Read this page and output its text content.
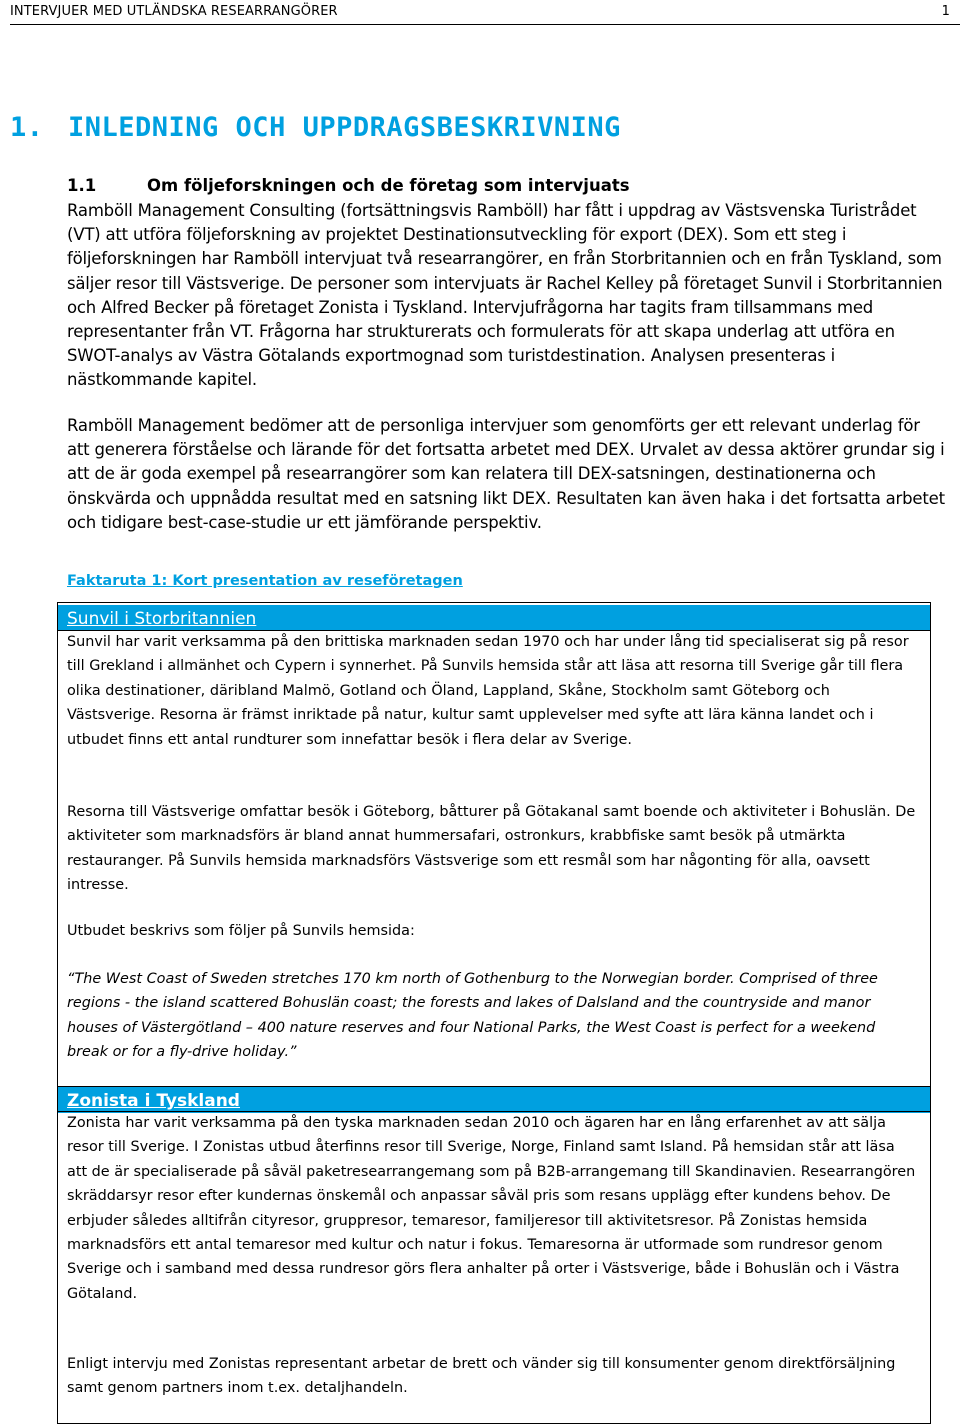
INTERVJUER MED UTLÄNDSKA RESEARRANGÖRER	1
1. INLEDNING OCH UPPDRAGSBESKRIVNING
1.1	Om följeforskningen och de företag som intervjuats

Ramböll Management Consulting (fortsättningsvis Ramböll) har fått i uppdrag av Västsvenska Turistrådet (VT) att utföra följeforskning av projektet Destinationsutveckling för export (DEX). Som ett steg i följeforskningen har Ramböll intervjuat två researrangörer, en från Storbritannien och en från Tyskland, som säljer resor till Västsverige. De personer som intervjuats är Rachel Kelley på företaget Sunvil i Storbritannien och Alfred Becker på företaget Zonista i Tyskland. Intervjufrågorna har tagits fram tillsammans med representanter från VT. Frågorna har strukturerats och formulerats för att skapa underlag att utföra en SWOT-analys av Västra Götalands exportmognad som turistdestination. Analysen presenteras i nästkommande kapitel.

Ramböll Management bedömer att de personliga intervjuer som genomförts ger ett relevant underlag för att generera förståelse och lärande för det fortsatta arbetet med DEX. Urvalet av dessa aktörer grundar sig i att de är goda exempel på researrangörer som kan relatera till DEX-satsningen, destinationerna och önskvärda och uppnådda resultat med en satsning likt DEX. Resultaten kan även haka i det fortsatta arbetet och tidigare best-case-studie ur ett jämförande perspektiv.

Faktaruta 1: Kort presentation av reseföretagen

Sunvil i Storbritannien

Sunvil har varit verksamma på den brittiska marknaden sedan 1970 och har under lång tid specialiserat sig på resor till Grekland i allmänhet och Cypern i synnerhet. På Sunvils hemsida står att läsa att resorna till Sverige går till flera olika destinationer, däribland Malmö, Gotland och Öland, Lappland, Skåne, Stockholm samt Göteborg och Västsverige. Resorna är främst inriktade på natur, kultur samt upplevelser med syfte att lära känna landet och i utbudet finns ett antal rundturer som innefattar besök i flera delar av Sverige.

Resorna till Västsverige omfattar besök i Göteborg, båtturer på Götakanal samt boende och aktiviteter i Bohuslän. De aktiviteter som marknadsförs är bland annat hummersafari, ostronkurs, krabbfiske samt besök på utmärkta restauranger. På Sunvils hemsida marknadsförs Västsverige som ett resmål som har någonting för alla, oavsett intresse.

Utbudet beskrivs som följer på Sunvils hemsida:

“The West Coast of Sweden stretches 170 km north of Gothenburg to the Norwegian border. Comprised of three regions - the island scattered Bohuslän coast; the forests and lakes of Dalsland and the countryside and manor houses of Västergötland – 400 nature reserves and four National Parks, the West Coast is perfect for a weekend break or for a fly-drive holiday.”

Zonista i Tyskland

Zonista har varit verksamma på den tyska marknaden sedan 2010 och ägaren har en lång erfarenhet av att sälja resor till Sverige. I Zonistas utbud återfinns resor till Sverige, Norge, Finland samt Island. På hemsidan står att läsa att de är specialiserade på såväl paketresearrangemang som på B2B-arrangemang till Skandinavien. Researrangören skräddarsyr resor efter kundernas önskemål och anpassar såväl pris som resans upplägg efter kundens behov. De erbjuder således alltifrån cityresor, gruppresor, temaresor, familjeresor till aktivitetsresor. På Zonistas hemsida marknadsförs ett antal temaresor med kultur och natur i fokus. Temaresorna är utformade som rundresor genom Sverige och i samband med dessa rundresor görs flera anhalter på orter i Västsverige, både i Bohuslän och i Västra Götaland.

Enligt intervju med Zonistas representant arbetar de brett och vänder sig till konsumenter genom direktförsäljning samt genom partners inom t.ex. detaljhandeln.
